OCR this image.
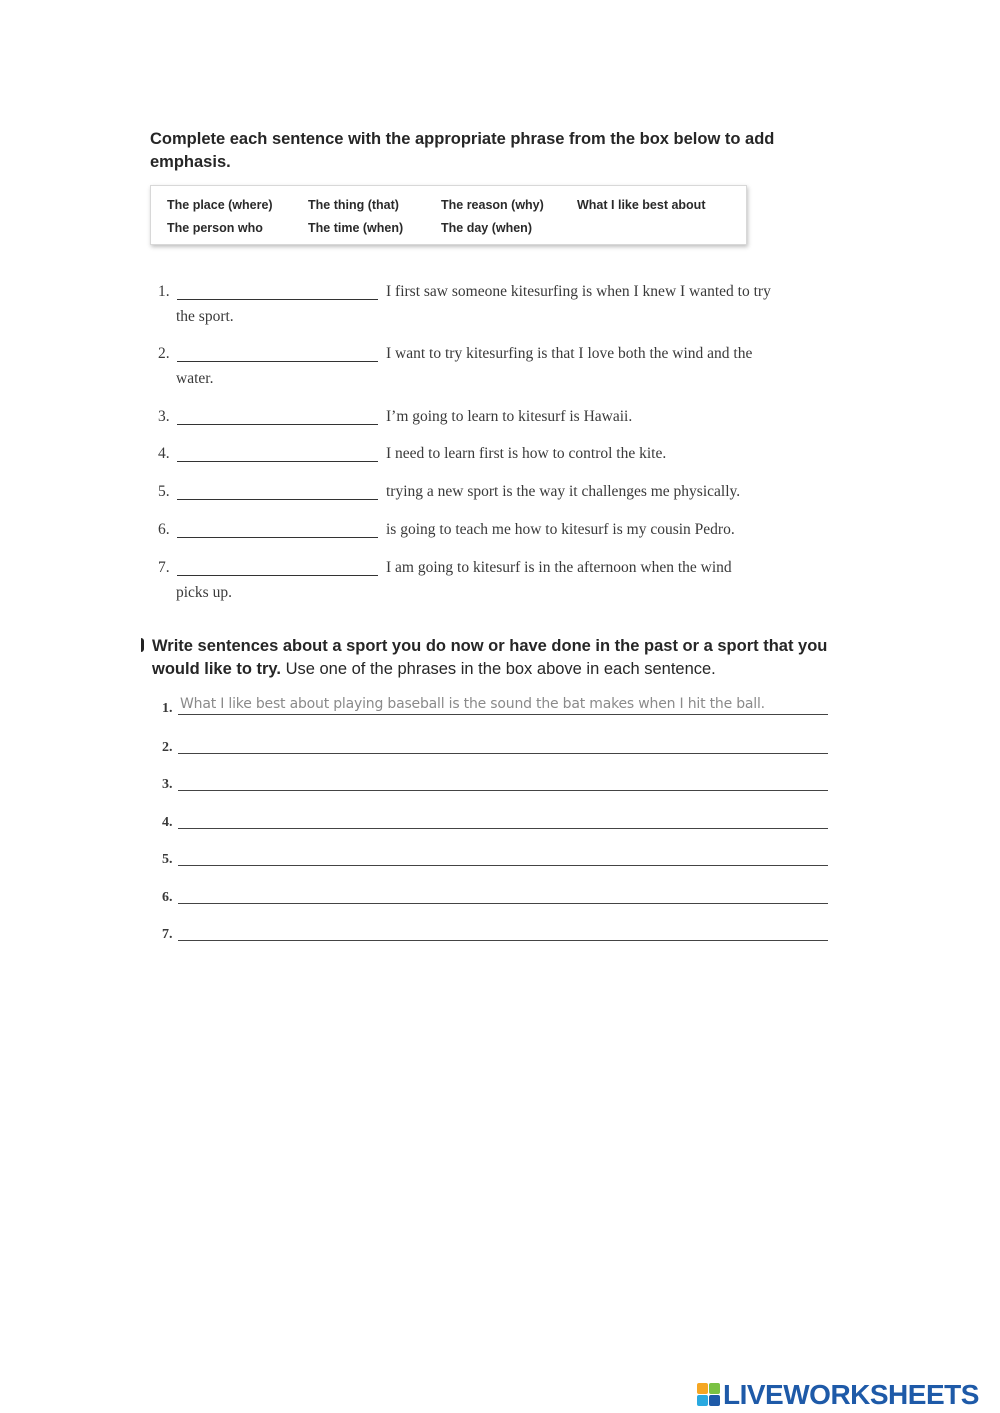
Complete each sentence with the appropriate phrase from the box below to add emphasis.
The place (where)	The thing (that)	The reason (why)	What I like best about
The person who	The time (when)	The day (when)
1.	I first saw someone kitesurfing is when I knew I wanted to try
the sport.
2.	I want to try kitesurfing is that I love both the wind and the
water.
3.	I’m going to learn to kitesurf is Hawaii.
4.	I need to learn first is how to control the kite.
5.	trying a new sport is the way it challenges me physically.
6.	is going to teach me how to kitesurf is my cousin Pedro.
7.	I am going to kitesurf is in the afternoon when the wind
picks up.
Write sentences about a sport you do now or have done in the past or a sport that you would like to try. Use one of the phrases in the box above in each sentence.
1. What I like best about playing baseball is the sound the bat makes when I hit the ball.
2.
3.
4.
5.
6.
7.
LIVEWORKSHEETS
